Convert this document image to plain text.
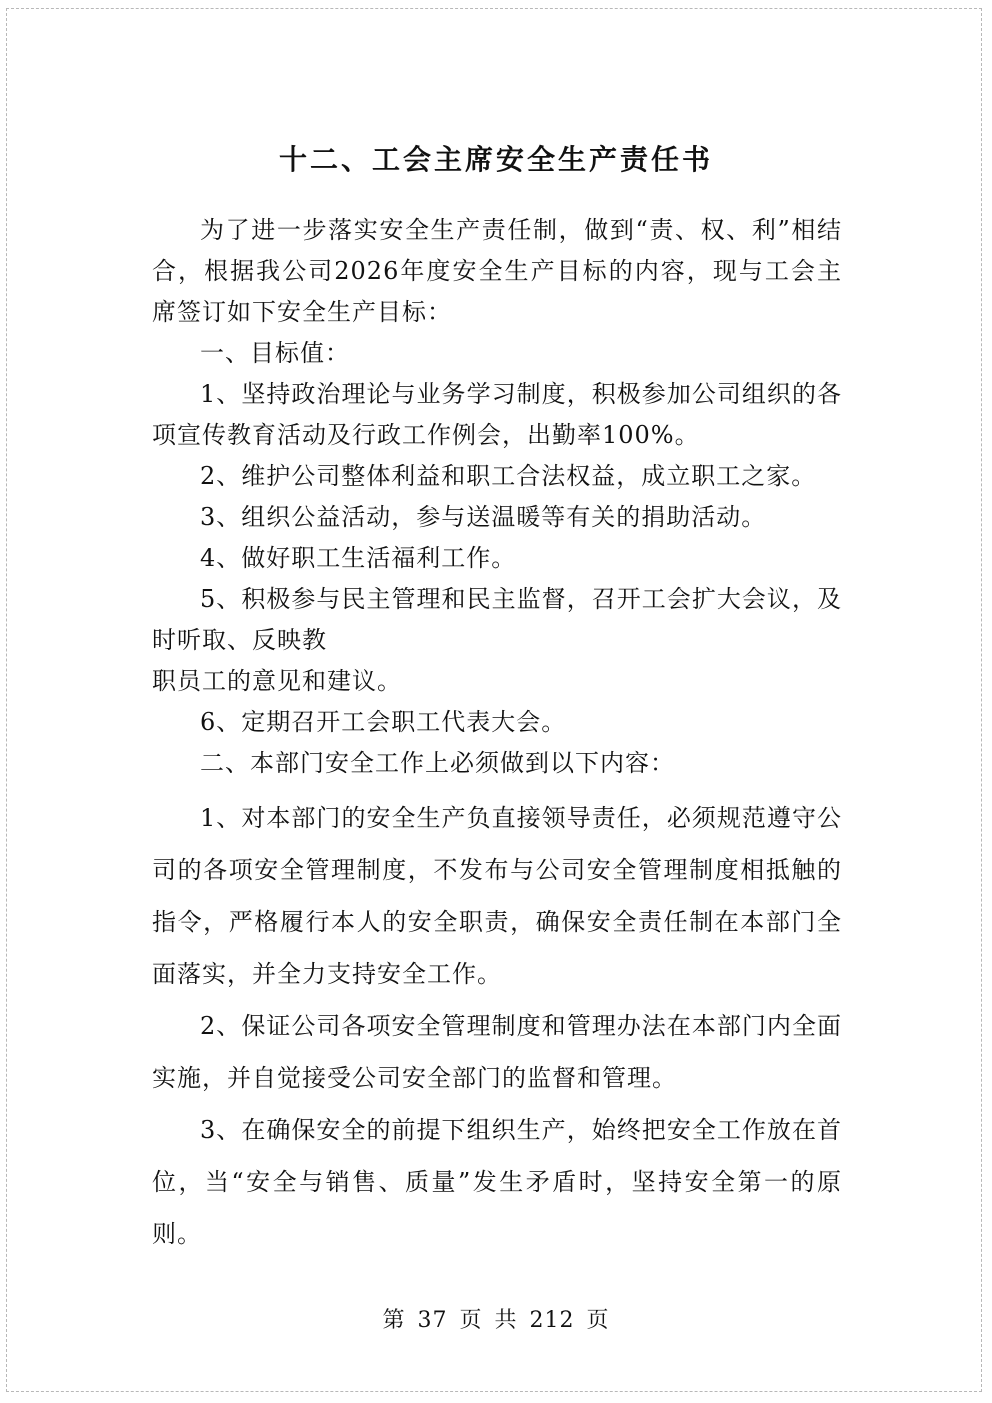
十二、工会主席安全生产责任书

为了进一步落实安全生产责任制，做到“责、权、利”相结合，根据我公司2026年度安全生产目标的内容，现与工会主席签订如下安全生产目标：

一、目标值：

1、坚持政治理论与业务学习制度，积极参加公司组织的各项宣传教育活动及行政工作例会，出勤率100%。

2、维护公司整体利益和职工合法权益，成立职工之家。

3、组织公益活动，参与送温暖等有关的捐助活动。

4、做好职工生活福利工作。

5、积极参与民主管理和民主监督，召开工会扩大会议，及时听取、反映教

职员工的意见和建议。

6、定期召开工会职工代表大会。

二、本部门安全工作上必须做到以下内容：

1、对本部门的安全生产负直接领导责任，必须规范遵守公司的各项安全管理制度，不发布与公司安全管理制度相抵触的指令，严格履行本人的安全职责，确保安全责任制在本部门全面落实，并全力支持安全工作。

2、保证公司各项安全管理制度和管理办法在本部门内全面实施，并自觉接受公司安全部门的监督和管理。

3、在确保安全的前提下组织生产，始终把安全工作放在首位，当“安全与销售、质量”发生矛盾时，坚持安全第一的原则。

第 37 页 共 212 页
